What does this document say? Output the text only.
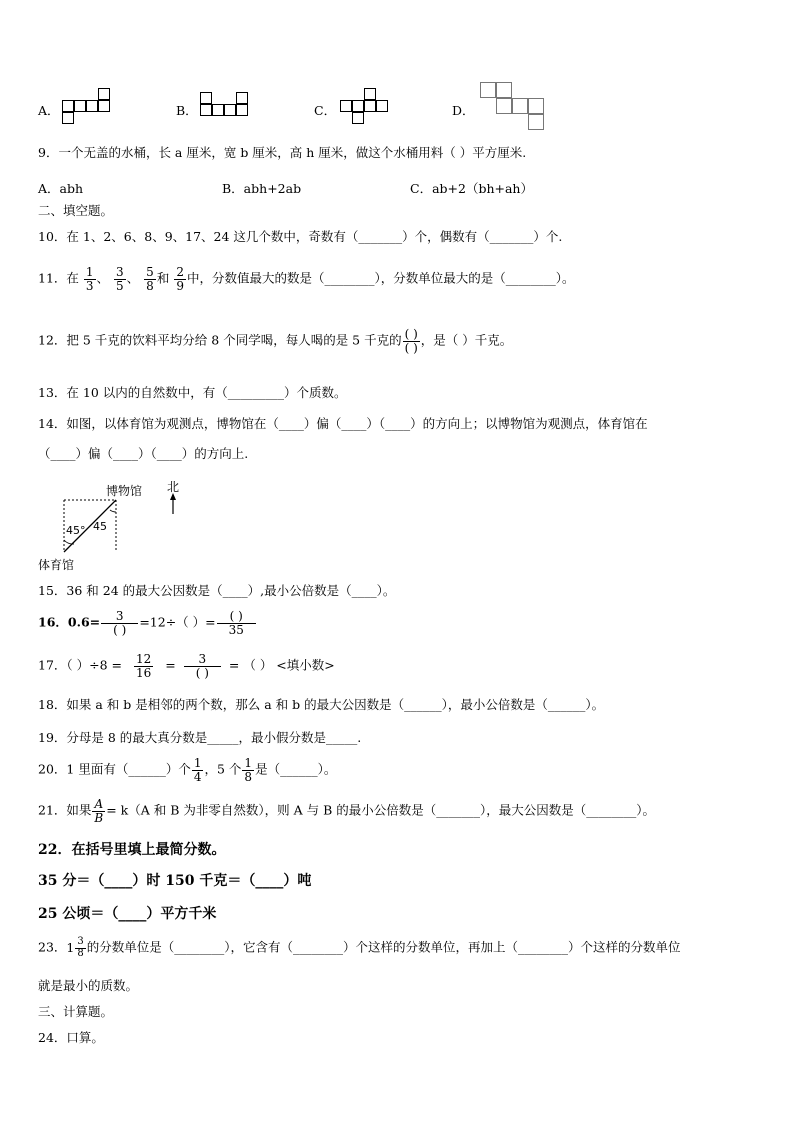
A．	B．	C．	D．
9．一个无盖的水桶，长 a 厘米，宽 b 厘米，高 h 厘米，做这个水桶用料（ ）平方厘米.
A．abh	B．abh+2ab	C．ab+2（bh+ah）
二、填空题。
10．在 1、2、6、8、9、17、24 这几个数中，奇数有（_______）个，偶数有（_______）个.
11．在 $\frac{1}{3}$ 、 $\frac{3}{5}$ 、 $\frac{5}{8}$ 和 $\frac{2}{9}$ 中，分数值最大的数是（________），分数单位最大的是（________）。
12．把 5 千克的饮料平均分给 8 个同学喝，每人喝的是 5 千克的 $\frac{( )}{( )}$ ，是（ ）千克。
13．在 10 以内的自然数中，有（_________）个质数。
14．如图，以体育馆为观测点，博物馆在（____）偏（____）（____）的方向上；以博物馆为观测点，体育馆在
（____）偏（____）（____）的方向上.
博物馆 北
45° 45
体育馆
15．36 和 24 的最大公因数是（____）,最小公倍数是（____）。
16．$0.6= \frac{3}{( )} =12\div$（ ）= $\frac{( )}{35}$
17．（ ）$\div 8 = \frac{12}{16} = \frac{3}{( )}$ = （ ） <填小数>
18．如果 a 和 b 是相邻的两个数，那么 a 和 b 的最大公因数是（______），最小公倍数是（______）。
19．分母是 8 的最大真分数是_____，最小假分数是_____.
20．1 里面有（______）个 $\frac{1}{4}$ ，5 个 $\frac{1}{8}$ 是（______）。
21．如果 $\frac{A}{B} = k(A$ 和 B 为非零自然数），则 A 与 B 的最小公倍数是（_______），最大公因数是（________）。
22．在括号里填上最简分数。
35 分＝（____）时 150 千克＝（____）吨
25 公顷＝（____）平方千米
23． $1 \frac{3}{8}$ 的分数单位是（________），它含有（________）个这样的分数单位，再加上（________）个这样的分数单位
就是最小的质数。
三、计算题。
24．口算。
